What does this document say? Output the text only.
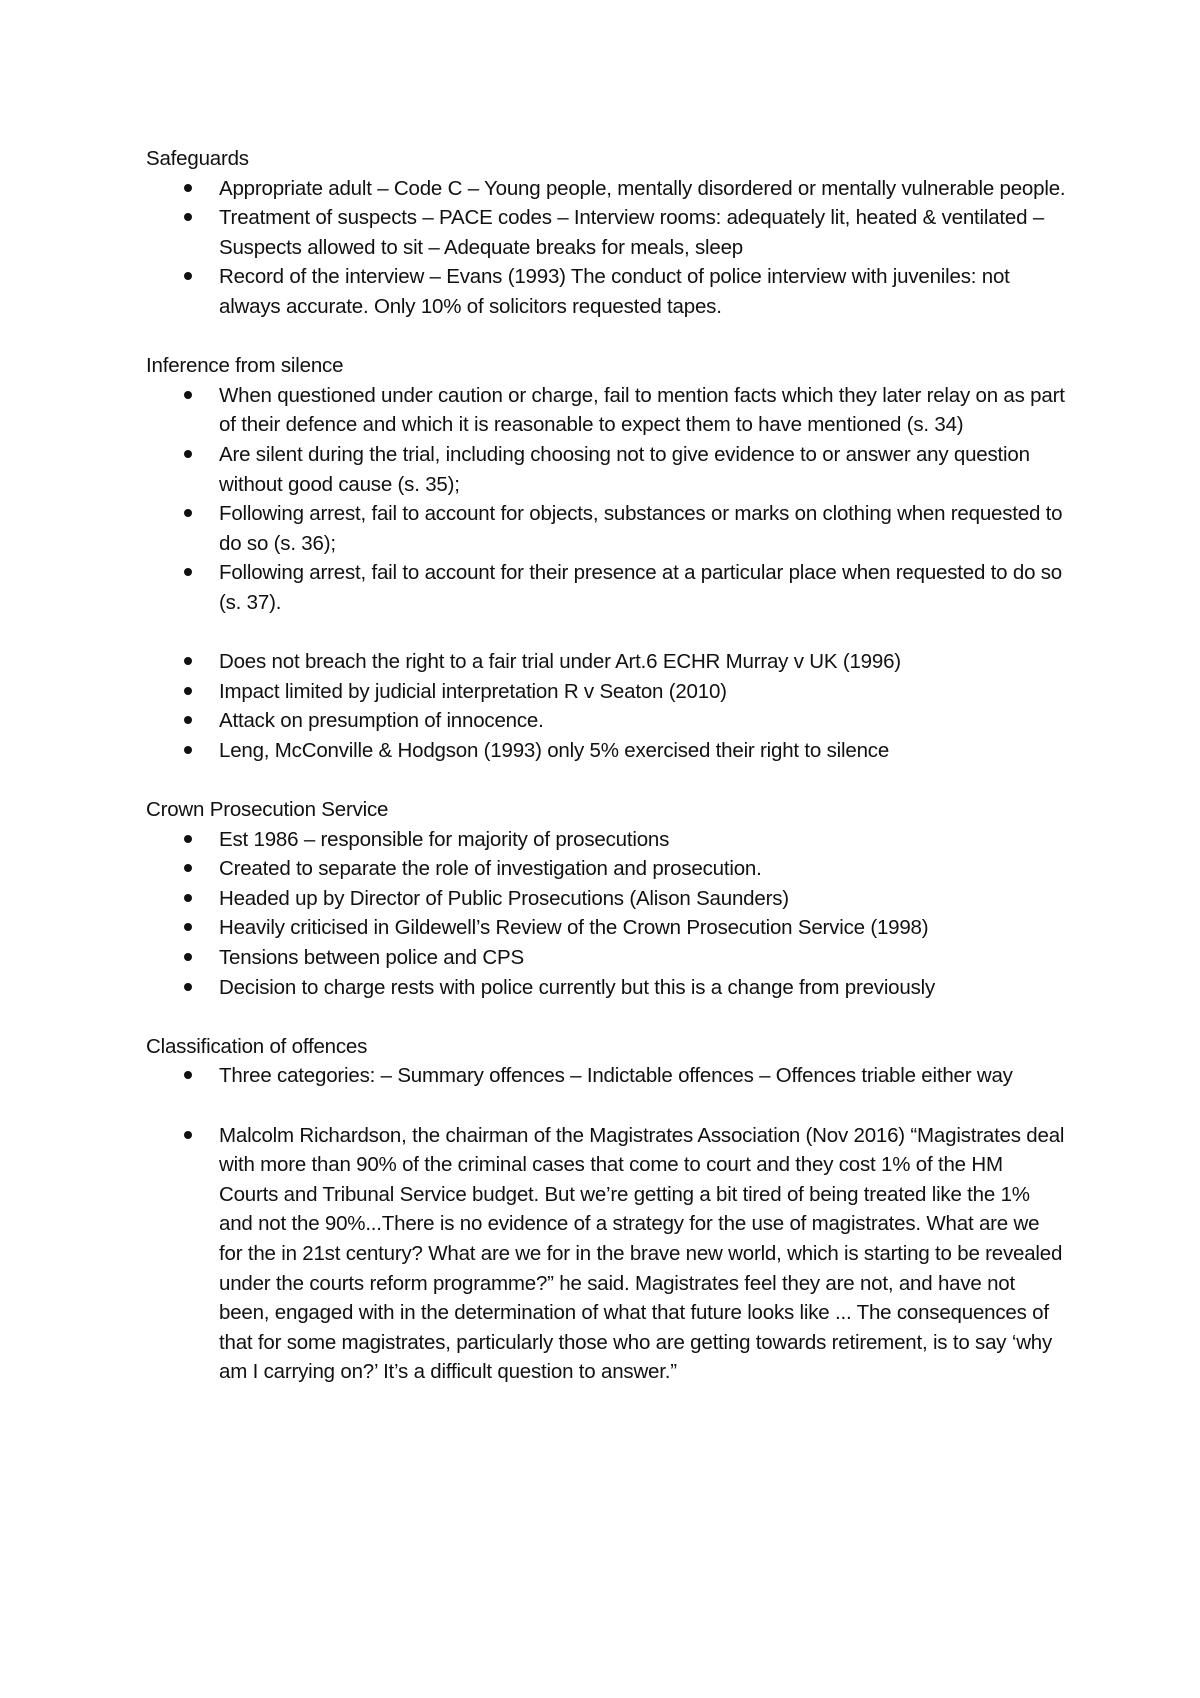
Safeguards

Appropriate adult – Code C – Young people, mentally disordered or mentally vulnerable people.
Treatment of suspects – PACE codes – Interview rooms: adequately lit, heated & ventilated – Suspects allowed to sit – Adequate breaks for meals, sleep
Record of the interview – Evans (1993) The conduct of police interview with juveniles: not always accurate. Only 10% of solicitors requested tapes.

Inference from silence

When questioned under caution or charge, fail to mention facts which they later relay on as part of their defence and which it is reasonable to expect them to have mentioned (s. 34)
Are silent during the trial, including choosing not to give evidence to or answer any question without good cause (s. 35);
Following arrest, fail to account for objects, substances or marks on clothing when requested to do so (s. 36);
Following arrest, fail to account for their presence at a particular place when requested to do so (s. 37).
Does not breach the right to a fair trial under Art.6 ECHR Murray v UK (1996)
Impact limited by judicial interpretation R v Seaton (2010)
Attack on presumption of innocence.
Leng, McConville & Hodgson (1993) only 5% exercised their right to silence

Crown Prosecution Service

Est 1986 – responsible for majority of prosecutions
Created to separate the role of investigation and prosecution.
Headed up by Director of Public Prosecutions (Alison Saunders)
Heavily criticised in Gildewell’s Review of the Crown Prosecution Service (1998)
Tensions between police and CPS
Decision to charge rests with police currently but this is a change from previously

Classification of offences

Three categories: – Summary offences – Indictable offences – Offences triable either way
Malcolm Richardson, the chairman of the Magistrates Association (Nov 2016) “Magistrates deal with more than 90% of the criminal cases that come to court and they cost 1% of the HM Courts and Tribunal Service budget. But we’re getting a bit tired of being treated like the 1% and not the 90%...There is no evidence of a strategy for the use of magistrates. What are we for the in 21st century? What are we for in the brave new world, which is starting to be revealed under the courts reform programme?” he said. Magistrates feel they are not, and have not been, engaged with in the determination of what that future looks like ... The consequences of that for some magistrates, particularly those who are getting towards retirement, is to say ‘why am I carrying on?’ It’s a difficult question to answer.”
